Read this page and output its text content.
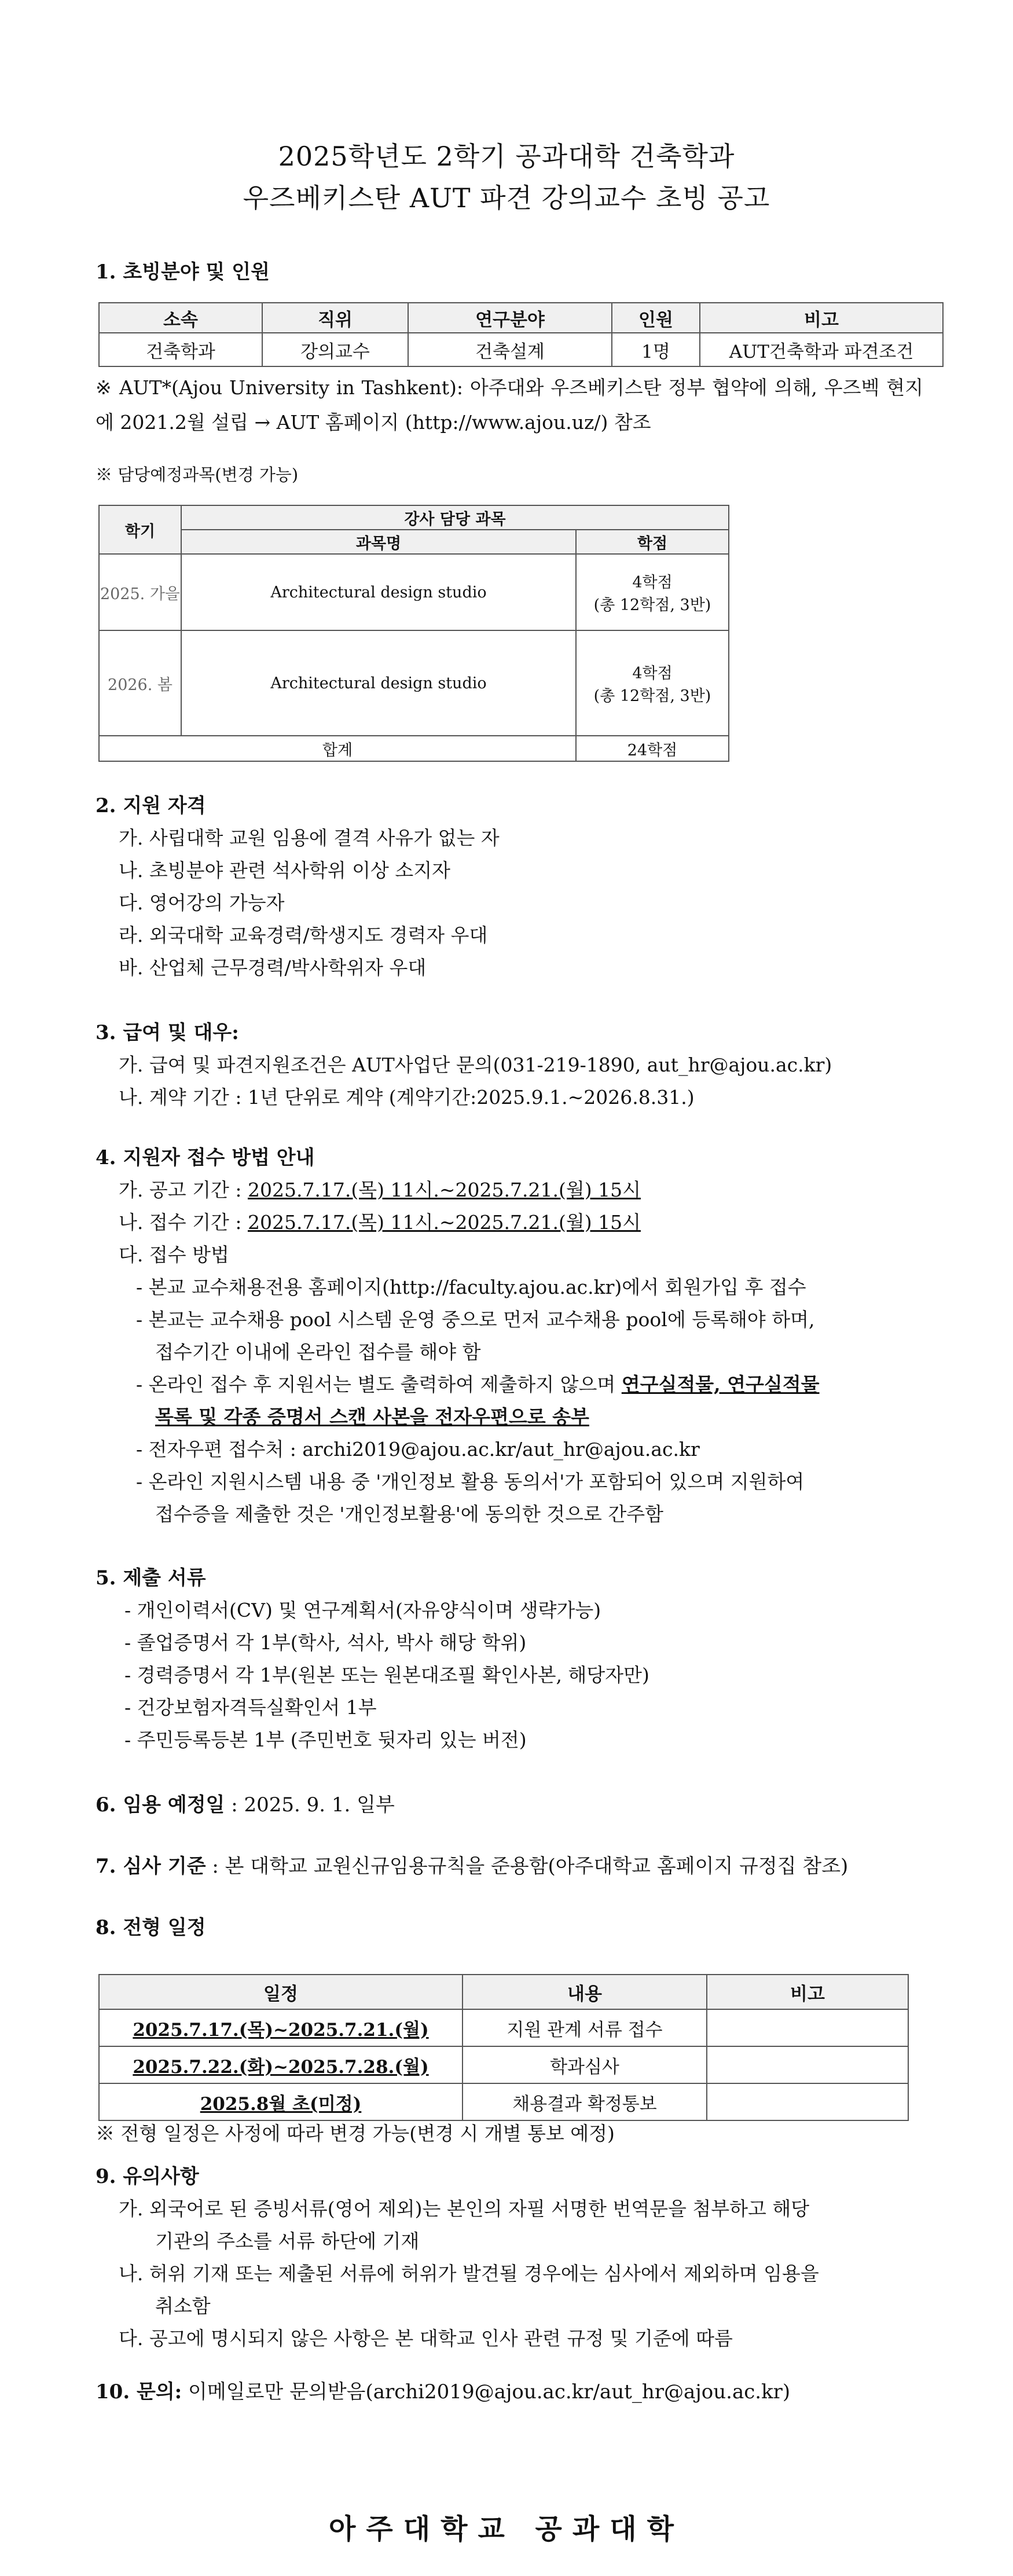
2025학년도 2학기 공과대학 건축학과
우즈베키스탄 AUT 파견 강의교수 초빙 공고
1. 초빙분야 및 인원
소속	직위	연구분야	인원	비고
건축학과	강의교수	건축설계	1명	AUT건축학과 파견조건
※ AUT*(Ajou University in Tashkent): 아주대와 우즈베키스탄 정부 협약에 의해, 우즈벡 현지에 2021.2월 설립 → AUT 홈페이지 (http://www.ajou.uz/) 참조
※ 담당예정과목(변경 가능)
학기	강사 담당 과목	
	과목명	학점
2025. 가을	Architectural design studio	4학점
(총 12학점, 3반)

2026. 봄	Architectural design studio	4학점
(총 12학점, 3반)

합계		24학점
2. 지원 자격
가. 사립대학 교원 임용에 결격 사유가 없는 자
나. 초빙분야 관련 석사학위 이상 소지자
다. 영어강의 가능자
라. 외국대학 교육경력/학생지도 경력자 우대
바. 산업체 근무경력/박사학위자 우대
3. 급여 및 대우:
가. 급여 및 파견지원조건은 AUT사업단 문의(031-219-1890, aut_hr@ajou.ac.kr)
나. 계약 기간 : 1년 단위로 계약 (계약기간:2025.9.1.~2026.8.31.)
4. 지원자 접수 방법 안내
가. 공고 기간 : 2025.7.17.(목) 11시.~2025.7.21.(월) 15시
나. 접수 기간 : 2025.7.17.(목) 11시.~2025.7.21.(월) 15시
다. 접수 방법
- 본교 교수채용전용 홈페이지(http://faculty.ajou.ac.kr)에서 회원가입 후 접수
- 본교는 교수채용 pool 시스템 운영 중으로 먼저 교수채용 pool에 등록해야 하며,
접수기간 이내에 온라인 접수를 해야 함
- 온라인 접수 후 지원서는 별도 출력하여 제출하지 않으며 연구실적물, 연구실적물
목록 및 각종 증명서 스캔 사본을 전자우편으로 송부
- 전자우편 접수처 : archi2019@ajou.ac.kr/aut_hr@ajou.ac.kr
- 온라인 지원시스템 내용 중 '개인정보 활용 동의서'가 포함되어 있으며 지원하여
접수증을 제출한 것은 '개인정보활용'에 동의한 것으로 간주함
5. 제출 서류
- 개인이력서(CV) 및 연구계획서(자유양식이며 생략가능)
- 졸업증명서 각 1부(학사, 석사, 박사 해당 학위)
- 경력증명서 각 1부(원본 또는 원본대조필 확인사본, 해당자만)
- 건강보험자격득실확인서 1부
- 주민등록등본 1부 (주민번호 뒷자리 있는 버전)
6. 임용 예정일 : 2025. 9. 1. 일부
7. 심사 기준 : 본 대학교 교원신규임용규칙을 준용함(아주대학교 홈페이지 규정집 참조)
8. 전형 일정
일정	내용	비고
2025.7.17.(목)~2025.7.21.(월)	지원 관계 서류 접수	
2025.7.22.(화)~2025.7.28.(월)	학과심사	
2025.8월 초(미정)	채용결과 확정통보	
※ 전형 일정은 사정에 따라 변경 가능(변경 시 개별 통보 예정)
9. 유의사항
가. 외국어로 된 증빙서류(영어 제외)는 본인의 자필 서명한 번역문을 첨부하고 해당
기관의 주소를 서류 하단에 기재
나. 허위 기재 또는 제출된 서류에 허위가 발견될 경우에는 심사에서 제외하며 임용을
취소함
다. 공고에 명시되지 않은 사항은 본 대학교 인사 관련 규정 및 기준에 따름
10. 문의: 이메일로만 문의받음(archi2019@ajou.ac.kr/aut_hr@ajou.ac.kr)
아주대학교 공과대학
